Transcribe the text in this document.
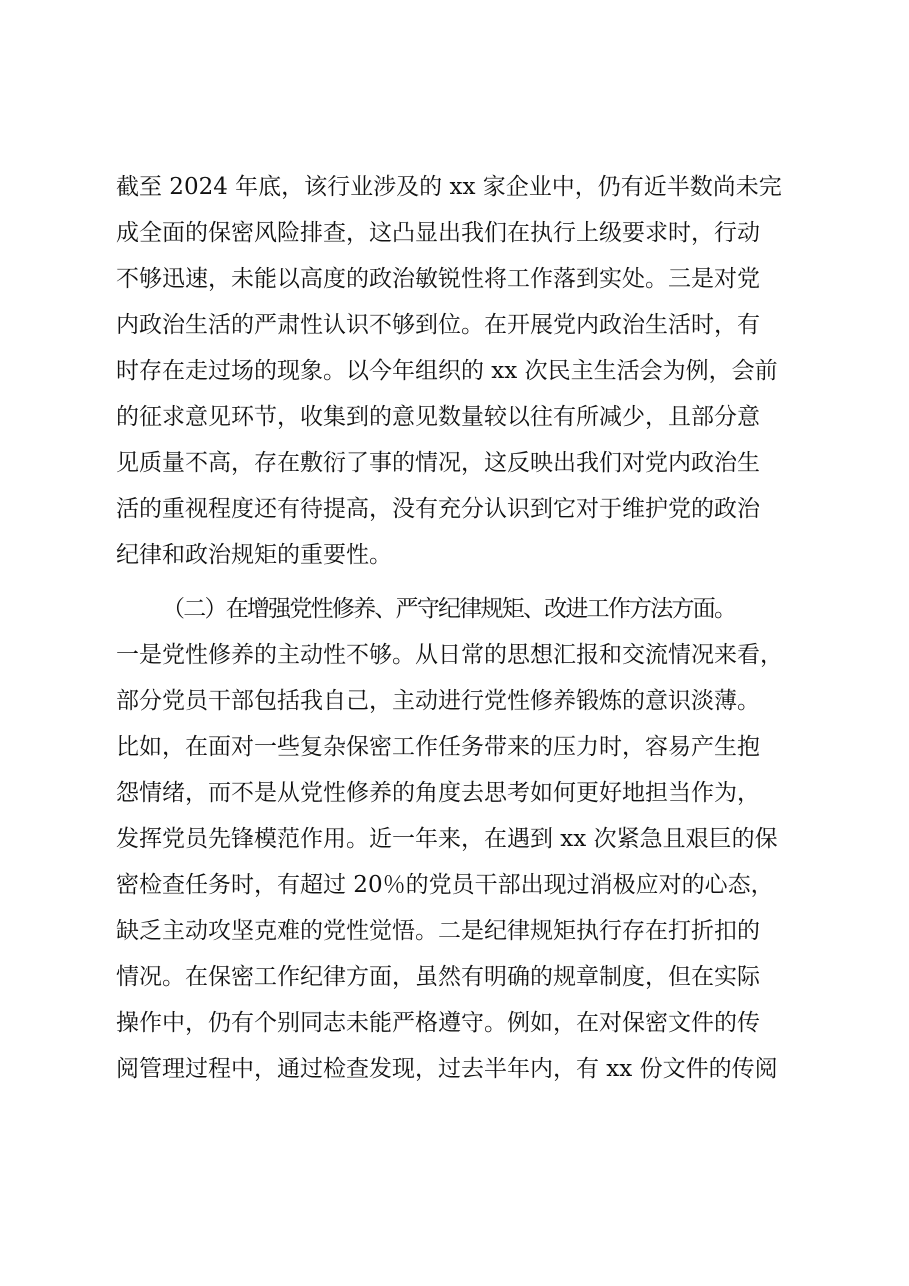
截至 2024 年底，该行业涉及的 xx 家企业中，仍有近半数尚未完
成全面的保密风险排查，这凸显出我们在执行上级要求时，行动
不够迅速，未能以高度的政治敏锐性将工作落到实处。三是对党
内政治生活的严肃性认识不够到位。在开展党内政治生活时，有
时存在走过场的现象。以今年组织的 xx 次民主生活会为例，会前
的征求意见环节，收集到的意见数量较以往有所减少，且部分意
见质量不高，存在敷衍了事的情况，这反映出我们对党内政治生
活的重视程度还有待提高，没有充分认识到它对于维护党的政治
纪律和政治规矩的重要性。
（二）在增强党性修养、严守纪律规矩、改进工作方法方面。
一是党性修养的主动性不够。从日常的思想汇报和交流情况来看，
部分党员干部包括我自己，主动进行党性修养锻炼的意识淡薄。
比如，在面对一些复杂保密工作任务带来的压力时，容易产生抱
怨情绪，而不是从党性修养的角度去思考如何更好地担当作为，
发挥党员先锋模范作用。近一年来，在遇到 xx 次紧急且艰巨的保
密检查任务时，有超过 20％的党员干部出现过消极应对的心态，
缺乏主动攻坚克难的党性觉悟。二是纪律规矩执行存在打折扣的
情况。在保密工作纪律方面，虽然有明确的规章制度，但在实际
操作中，仍有个别同志未能严格遵守。例如，在对保密文件的传
阅管理过程中，通过检查发现，过去半年内，有 xx 份文件的传阅
